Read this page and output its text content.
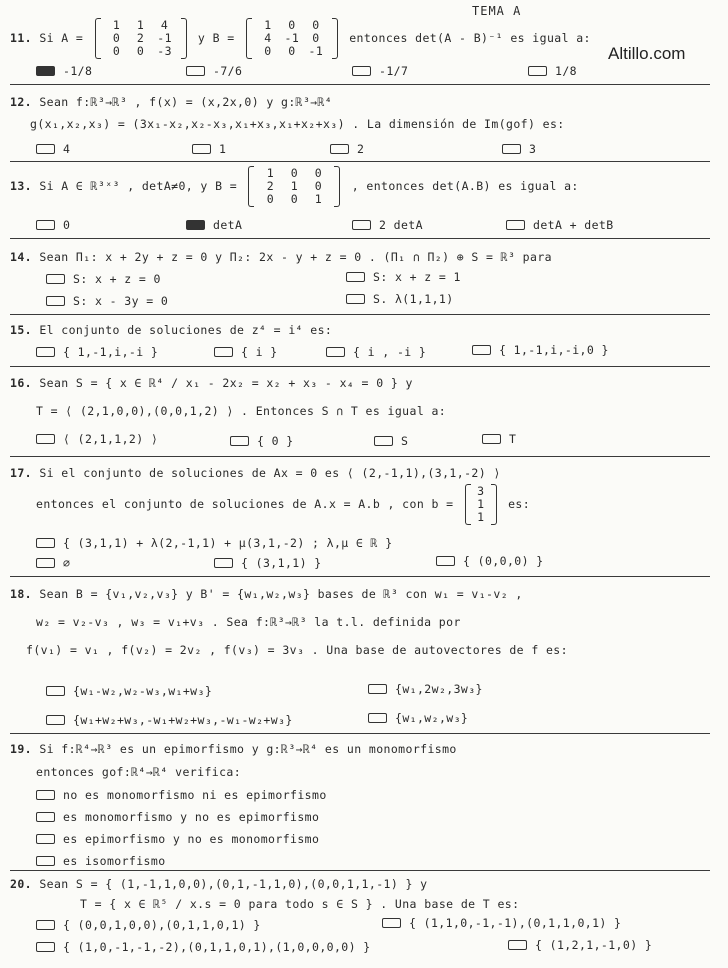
TEMA A
Altillo.com
11. Si A =
1	1	4
0	2	-1
0	0	-3
y B =
1	0	0
4	-1	0
0	0	-1
entonces det(A - B)⁻¹ es igual a:
-1/8	-7/6	-1/7	1/8
12. Sean f:ℝ³→ℝ³ , f(x) = (x,2x,0) y g:ℝ³→ℝ⁴
g(x₁,x₂,x₃) = (3x₁-x₂,x₂-x₃,x₁+x₃,x₁+x₂+x₃) . La dimensión de Im(gof) es:
4	1	2	3
13. Si A ∈ ℝ³ˣ³ , detA≠0, y B =
1	0	0
2	1	0
0	0	1
, entonces det(A.B) es igual a:
0	detA	2 detA	detA + detB
14. Sean Π₁: x + 2y + z = 0 y Π₂: 2x - y + z = 0 . (Π₁ ∩ Π₂) ⊕ S = ℝ³ para
S: x + z = 0	S: x + z = 1
S: x - 3y = 0	S. λ(1,1,1)
15. El conjunto de soluciones de z⁴ = i⁴ es:
{ 1,-1,i,-i }	{ i }	{ i , -i }	{ 1,-1,i,-i,0 }
16. Sean S = { x ∈ ℝ⁴ / x₁ - 2x₂ = x₂ + x₃ - x₄ = 0 } y
T = ⟨ (2,1,0,0),(0,0,1,2) ⟩ . Entonces S ∩ T es igual a:
⟨ (2,1,1,2) ⟩	{ 0 }	S	T
17. Si el conjunto de soluciones de Ax = 0 es ⟨ (2,-1,1),(3,1,-2) ⟩
entonces el conjunto de soluciones de A.x = A.b , con b =
3
1
1
es:
{ (3,1,1) + λ(2,-1,1) + μ(3,1,-2) ; λ,μ ∈ ℝ }
∅	{ (3,1,1) }	{ (0,0,0) }
18. Sean B = {v₁,v₂,v₃} y B' = {w₁,w₂,w₃} bases de ℝ³ con w₁ = v₁-v₂ ,
w₂ = v₂-v₃ , w₃ = v₁+v₃ . Sea f:ℝ³→ℝ³ la t.l. definida por
f(v₁) = v₁ , f(v₂) = 2v₂ , f(v₃) = 3v₃ . Una base de autovectores de f es:
{w₁-w₂,w₂-w₃,w₁+w₃}	{w₁,2w₂,3w₃}
{w₁+w₂+w₃,-w₁+w₂+w₃,-w₁-w₂+w₃}	{w₁,w₂,w₃}
19. Si f:ℝ⁴→ℝ³ es un epimorfismo y g:ℝ³→ℝ⁴ es un monomorfismo
entonces gof:ℝ⁴→ℝ⁴ verifica:
no es monomorfismo ni es epimorfismo
es monomorfismo y no es epimorfismo
es epimorfismo y no es monomorfismo
es isomorfismo
20. Sean S = { (1,-1,1,0,0),(0,1,-1,1,0),(0,0,1,1,-1) } y
T = { x ∈ ℝ⁵ / x.s = 0 para todo s ∈ S } . Una base de T es:
{ (0,0,1,0,0),(0,1,1,0,1) }	{ (1,1,0,-1,-1),(0,1,1,0,1) }
{ (1,0,-1,-1,-2),(0,1,1,0,1),(1,0,0,0,0) }	{ (1,2,1,-1,0) }
